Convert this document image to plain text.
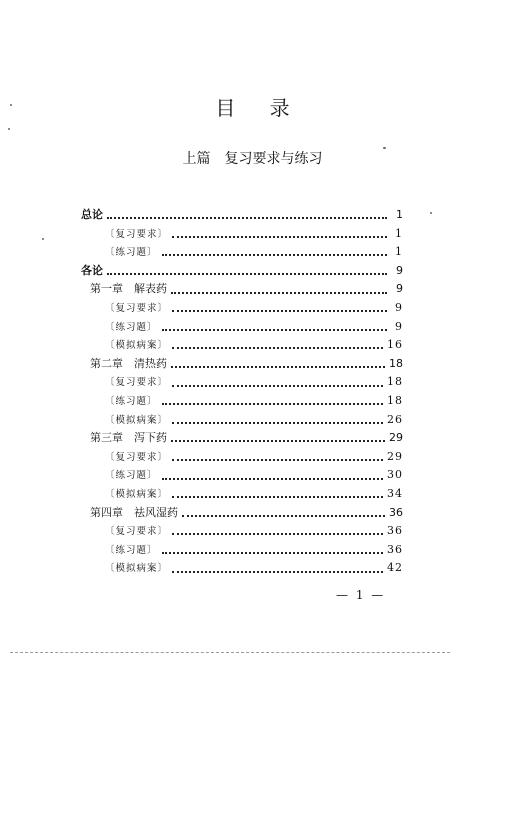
目 录
上篇 复习要求与练习
总论	1
〔复习要求〕	1
〔练习题〕	1
各论	9
第一章　解表药	9
〔复习要求〕	9
〔练习题〕	9
〔模拟病案〕	16
第二章　清热药	18
〔复习要求〕	18
〔练习题〕	18
〔模拟病案〕	26
第三章　泻下药	29
〔复习要求〕	29
〔练习题〕	30
〔模拟病案〕	34
第四章　祛风湿药	36
〔复习要求〕	36
〔练习题〕	36
〔模拟病案〕	42
— 1 —
